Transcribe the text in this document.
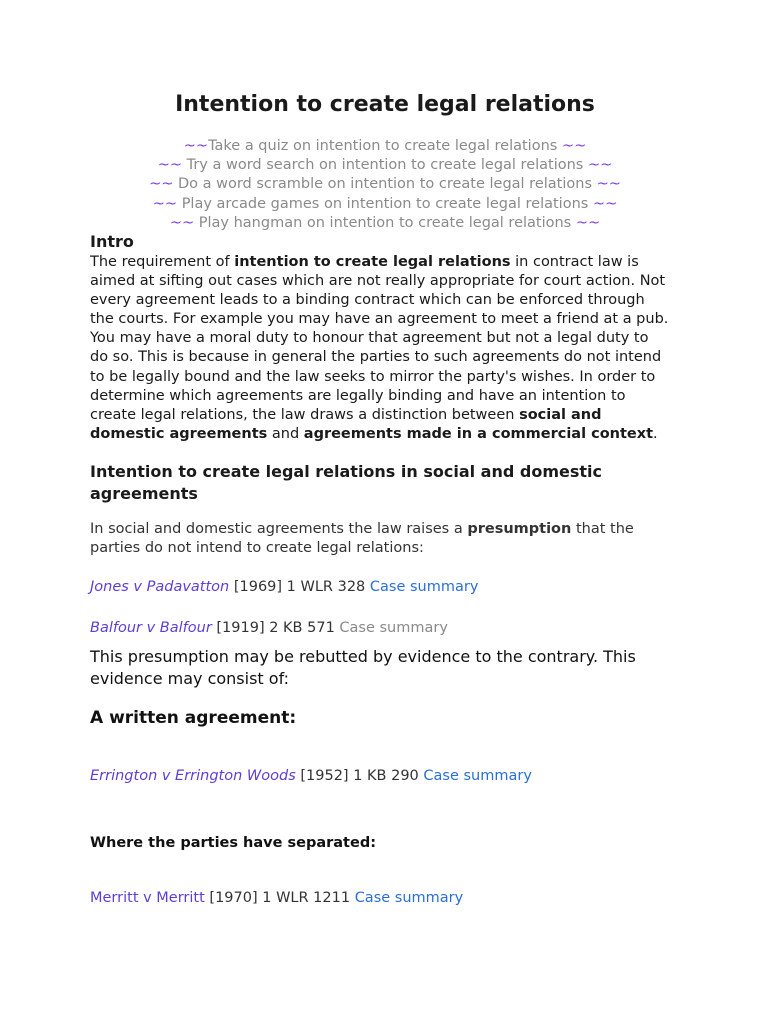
Intention to create legal relations
~~Take a quiz on intention to create legal relations ~~
~~ Try a word search on intention to create legal relations ~~
~~ Do a word scramble on intention to create legal relations ~~
~~ Play arcade games on intention to create legal relations ~~
~~ Play hangman on intention to create legal relations ~~
Intro
The requirement of intention to create legal relations in contract law is aimed at sifting out cases which are not really appropriate for court action. Not every agreement leads to a binding contract which can be enforced through the courts. For example you may have an agreement to meet a friend at a pub. You may have a moral duty to honour that agreement but not a legal duty to do so. This is because in general the parties to such agreements do not intend to be legally bound and the law seeks to mirror the party's wishes. In order to determine which agreements are legally binding and have an intention to create legal relations, the law draws a distinction between social and domestic agreements and agreements made in a commercial context.
Intention to create legal relations in social and domestic agreements
In social and domestic agreements the law raises a presumption that the parties do not intend to create legal relations:
Jones v Padavatton [1969] 1 WLR 328 Case summary
Balfour v Balfour [1919] 2 KB 571 Case summary
This presumption may be rebutted by evidence to the contrary. This evidence may consist of:
A written agreement:
Errington v Errington Woods [1952] 1 KB 290 Case summary
Where the parties have separated:
Merritt v Merritt [1970] 1 WLR 1211 Case summary
